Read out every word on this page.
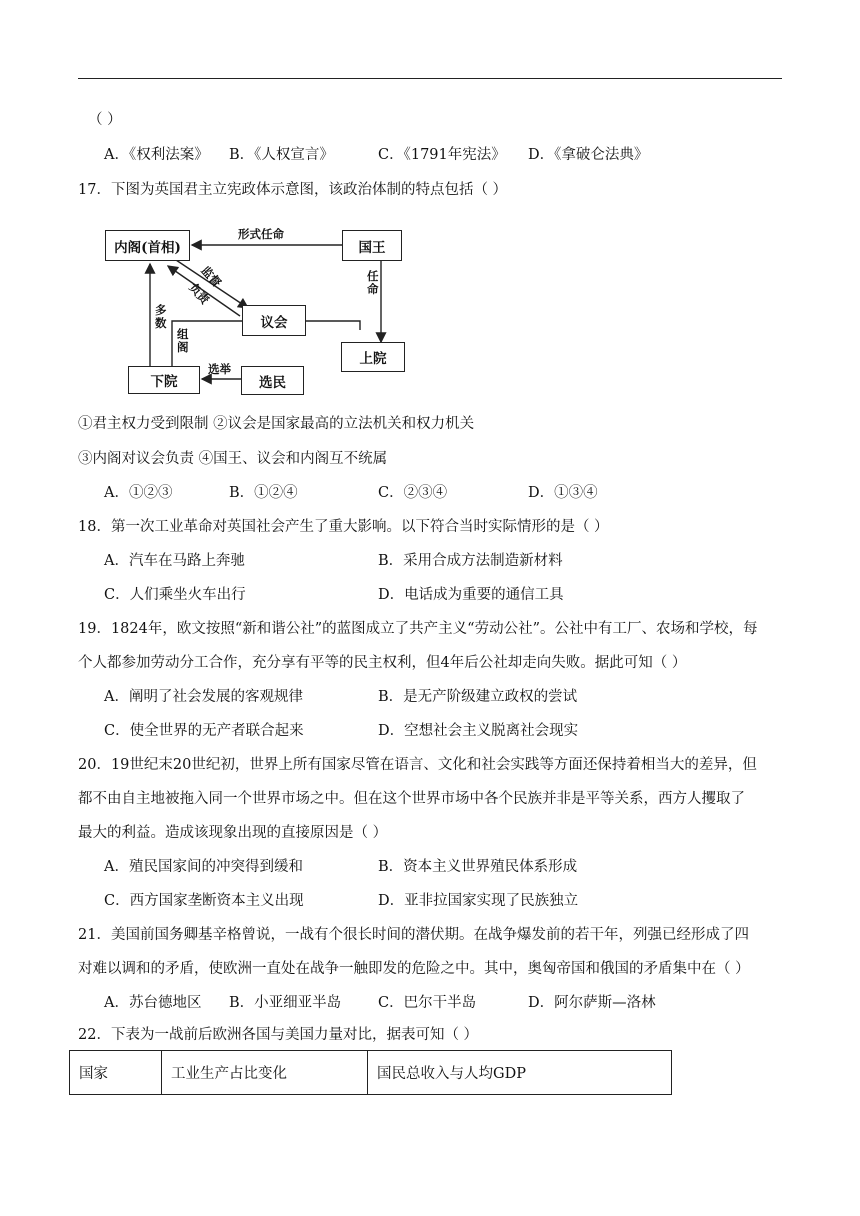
（ ）
A．《权利法案》 B．《人权宣言》	C．《1791年宪法》 D．《拿破仑法典》
17．下图为英国君主立宪政体示意图，该政治体制的特点包括（ ）
内阁(首相)	国王
议会
上院
下院	选民
形式任命
任命
监督
负责
多数
组阁
选举
①君主权力受到限制 ②议会是国家最高的立法机关和权力机关
③内阁对议会负责 ④国王、议会和内阁互不统属
A．①②③	B．①②④	C．②③④	D．①③④
18．第一次工业革命对英国社会产生了重大影响。以下符合当时实际情形的是（ ）
A．汽车在马路上奔驰	B．采用合成方法制造新材料
C．人们乘坐火车出行	D．电话成为重要的通信工具
19．1824年，欧文按照“新和谐公社”的蓝图成立了共产主义“劳动公社”。公社中有工厂、农场和学校，每
个人都参加劳动分工合作，充分享有平等的民主权利，但4年后公社却走向失败。据此可知（ ）
A．阐明了社会发展的客观规律	B．是无产阶级建立政权的尝试
C．使全世界的无产者联合起来	D．空想社会主义脱离社会现实
20．19世纪末20世纪初，世界上所有国家尽管在语言、文化和社会实践等方面还保持着相当大的差异，但
都不由自主地被拖入同一个世界市场之中。但在这个世界市场中各个民族并非是平等关系，西方人攫取了
最大的利益。造成该现象出现的直接原因是（ ）
A．殖民国家间的冲突得到缓和	B．资本主义世界殖民体系形成
C．西方国家垄断资本主义出现	D．亚非拉国家实现了民族独立
21．美国前国务卿基辛格曾说，一战有个很长时间的潜伏期。在战争爆发前的若干年，列强已经形成了四
对难以调和的矛盾，使欧洲一直处在战争一触即发的危险之中。其中，奥匈帝国和俄国的矛盾集中在（ ）
A．苏台德地区 B．小亚细亚半岛	C．巴尔干半岛	D．阿尔萨斯—洛林
22．下表为一战前后欧洲各国与美国力量对比，据表可知（ ）
国家	工业生产占比变化	国民总收入与人均GDP
